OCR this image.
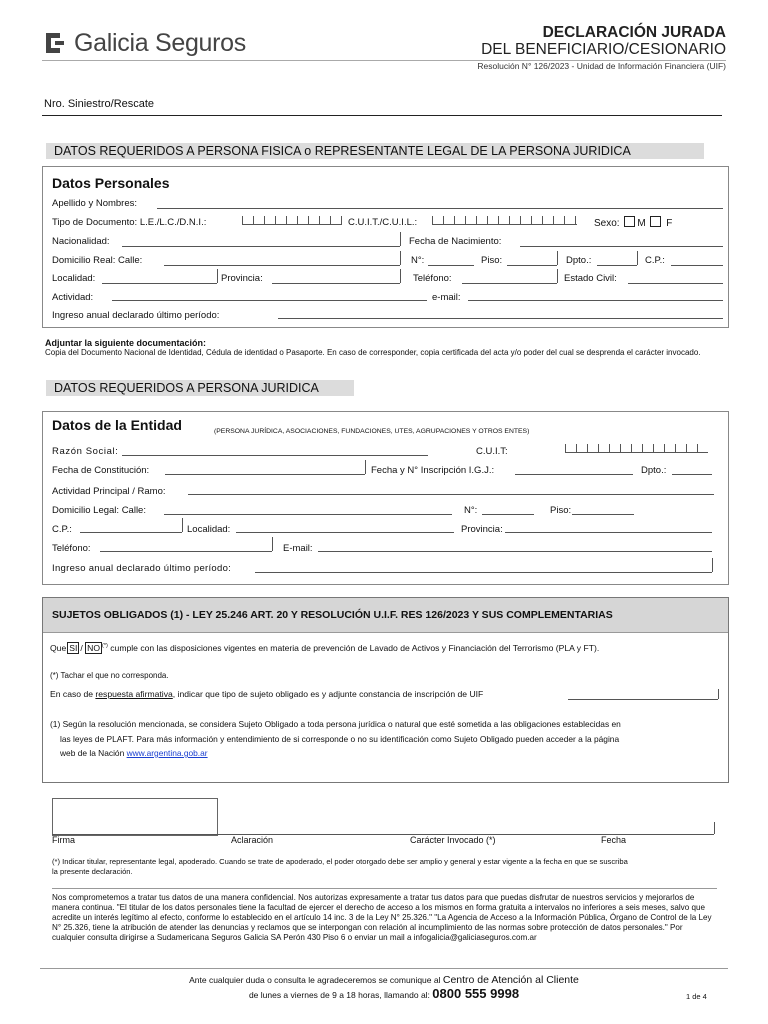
Galicia Seguros	DECLARACIÓN JURADA
DEL BENEFICIARIO/CESIONARIO
Resolución N° 126/2023 - Unidad de Información Financiera (UIF)
Nro. Siniestro/Rescate
DATOS REQUERIDOS A PERSONA FISICA o REPRESENTANTE LEGAL DE LA PERSONA JURIDICA
Datos Personales
Apellido y Nombres:
Tipo de Documento: L.E./L.C./D.N.I.:	C.U.I.T./C.U.I.L.:	Sexo: M F
Nacionalidad:	Fecha de Nacimiento:
Domicilio Real: Calle:	N°:	Piso:	Dpto.:	C.P.:
Localidad:	Provincia:	Teléfono:	Estado Civil:
Actividad:	e-mail:
Ingreso anual declarado último período:
Adjuntar la siguiente documentación:
Copia del Documento Nacional de Identidad, Cédula de identidad o Pasaporte. En caso de corresponder, copia certificada del acta y/o poder del cual se desprenda el carácter invocado.
DATOS REQUERIDOS A PERSONA JURIDICA
Datos de la Entidad	(PERSONA JURÍDICA, ASOCIACIONES, FUNDACIONES, UTES, AGRUPACIONES Y OTROS ENTES)
Razón Social:	C.U.I.T:
Fecha de Constitución:	Fecha y N° Inscripción I.G.J.:	Dpto.:
Actividad Principal / Ramo:
Domicilio Legal: Calle:	N°:	Piso:
C.P.:	Localidad:	Provincia:
Teléfono:	E-mail:
Ingreso anual declarado último período:
SUJETOS OBLIGADOS (1) - LEY 25.246 ART. 20 Y RESOLUCIÓN U.I.F. RES 126/2023 Y SUS COMPLEMENTARIAS
Que SI / NO (*) cumple con las disposiciones vigentes en materia de prevención de Lavado de Activos y Financiación del Terrorismo (PLA y FT).
(*) Tachar el que no corresponda.
En caso de respuesta afirmativa, indicar que tipo de sujeto obligado es y adjunte constancia de inscripción de UIF
(1) Según la resolución mencionada, se considera Sujeto Obligado a toda persona jurídica o natural que esté sometida a las obligaciones establecidas en
las leyes de PLAFT. Para más información y entendimiento de si corresponde o no su identificación como Sujeto Obligado pueden acceder a la página
web de la Nación www.argentina.gob.ar
Firma	Aclaración	Carácter Invocado (*)	Fecha
(*) Indicar titular, representante legal, apoderado. Cuando se trate de apoderado, el poder otorgado debe ser amplio y general y estar vigente a la fecha en que se suscriba
la presente declaración.
Nos comprometemos a tratar tus datos de una manera confidencial. Nos autorizas expresamente a tratar tus datos para que puedas disfrutar de nuestros servicios y mejorarlos de manera continua. "El titular de los datos personales tiene la facultad de ejercer el derecho de acceso a los mismos en forma gratuita a intervalos no inferiores a seis meses, salvo que acredite un interés legítimo al efecto, conforme lo establecido en el artículo 14 inc. 3 de la Ley N° 25.326." "La Agencia de Acceso a la Información Pública, Órgano de Control de la Ley N° 25.326, tiene la atribución de atender las denuncias y reclamos que se interpongan con relación al incumplimiento de las normas sobre protección de datos personales." Por cualquier consulta dirigirse a Sudamericana Seguros Galicia SA Perón 430 Piso 6 o enviar un mail a infogalicia@galiciaseguros.com.ar
Ante cualquier duda o consulta le agradeceremos se comunique al Centro de Atención al Cliente
de lunes a viernes de 9 a 18 horas, llamando al: 0800 555 9998	1 de 4
